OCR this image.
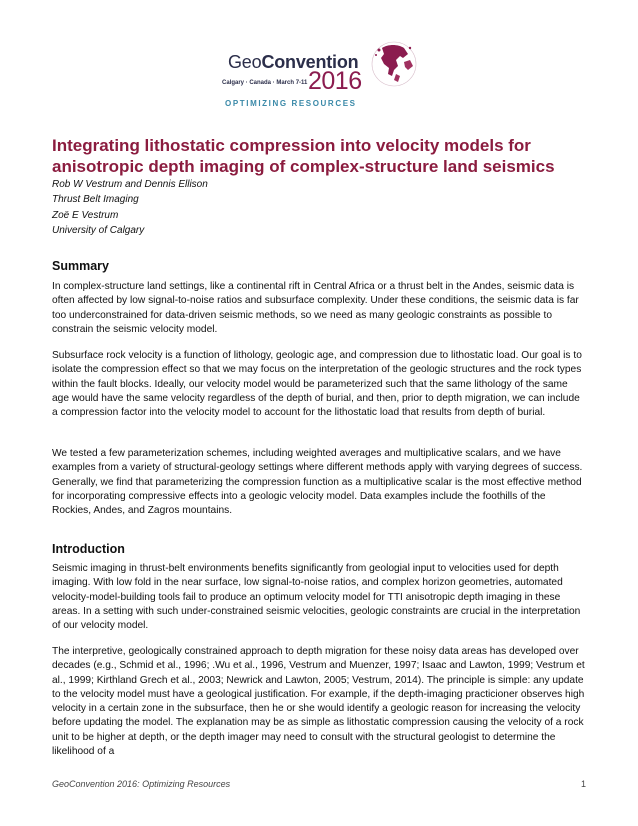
GeoConvention
Calgary · Canada · March 7-11 2016
OPTIMIZING RESOURCES
Integrating lithostatic compression into velocity models for anisotropic depth imaging of complex-structure land seismics
Rob W Vestrum and Dennis Ellison
Thrust Belt Imaging
Zoë E Vestrum
University of Calgary
Summary

In complex-structure land settings, like a continental rift in Central Africa or a thrust belt in the Andes, seismic data is often affected by low signal-to-noise ratios and subsurface complexity. Under these conditions, the seismic data is far too underconstrained for data-driven seismic methods, so we need as many geologic constraints as possible to constrain the seismic velocity model.

Subsurface rock velocity is a function of lithology, geologic age, and compression due to lithostatic load. Our goal is to isolate the compression effect so that we may focus on the interpretation of the geologic structures and the rock types within the fault blocks. Ideally, our velocity model would be parameterized such that the same lithology of the same age would have the same velocity regardless of the depth of burial, and then, prior to depth migration, we can include a compression factor into the velocity model to account for the lithostatic load that results from depth of burial.

We tested a few parameterization schemes, including weighted averages and multiplicative scalars, and we have examples from a variety of structural-geology settings where different methods apply with varying degrees of success. Generally, we find that parameterizing the compression function as a multiplicative scalar is the most effective method for incorporating compressive effects into a geologic velocity model. Data examples include the foothills of the Rockies, Andes, and Zagros mountains.

Introduction

Seismic imaging in thrust-belt environments benefits significantly from geologial input to velocities used for depth imaging. With low fold in the near surface, low signal-to-noise ratios, and complex horizon geometries, automated velocity-model-building tools fail to produce an optimum velocity model for TTI anisotropic depth imaging in these areas. In a setting with such under-constrained seismic velocities, geologic constraints are crucial in the interpretation of our velocity model.

The interpretive, geologically constrained approach to depth migration for these noisy data areas has developed over decades (e.g., Schmid et al., 1996; .Wu et al., 1996, Vestrum and Muenzer, 1997; Isaac and Lawton, 1999; Vestrum et al., 1999; Kirthland Grech et al., 2003; Newrick and Lawton, 2005; Vestrum, 2014). The principle is simple: any update to the velocity model must have a geological justification. For example, if the depth-imaging practicioner observes high velocity in a certain zone in the subsurface, then he or she would identify a geologic reason for increasing the velocity before updating the model. The explanation may be as simple as lithostatic compression causing the velocity of a rock unit to be higher at depth, or the depth imager may need to consult with the structural geologist to determine the likelihood of a

GeoConvention 2016: Optimizing Resources	1
